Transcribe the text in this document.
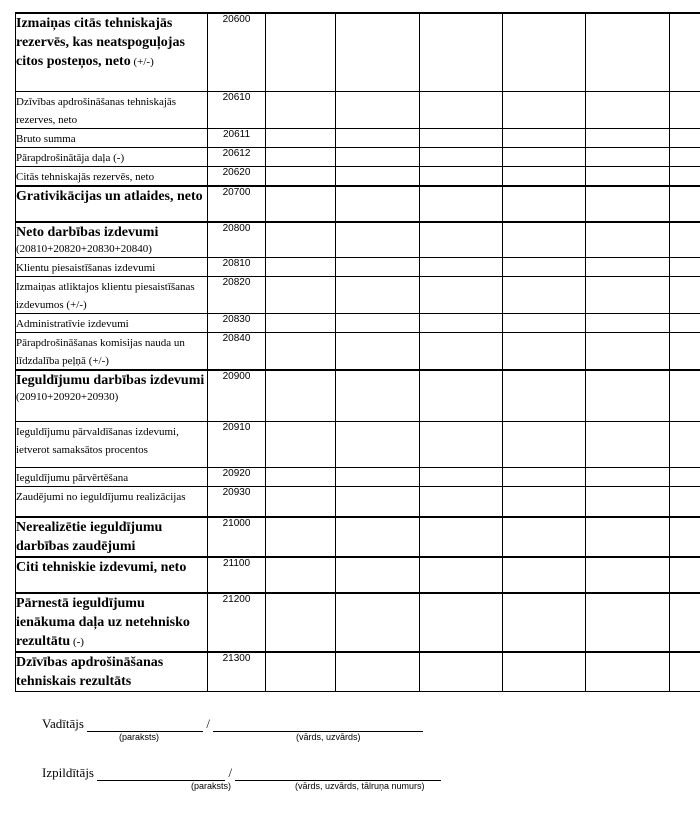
Izmaiņas citās tehniskajās rezervēs, kas neatspoguļojas citos posteņos, neto (+/-)	20600						
Dzīvības apdrošināšanas tehniskajās rezerves, neto	20610						
Bruto summa	20611						
Pārapdrošinātāja daļa (-)	20612						
Citās tehniskajās rezervēs, neto	20620						
Grativikācijas un atlaides, neto	20700						
Neto darbības izdevumi
(20810+20820+20830+20840)	20800						
Klientu piesaistīšanas izdevumi	20810						
Izmaiņas atliktajos klientu piesaistīšanas izdevumos (+/-)	20820						
Administratīvie izdevumi	20830						
Pārapdrošināšanas komisijas nauda un līdzdalība peļņā (+/-)	20840						
Ieguldījumu darbības izdevumi
(20910+20920+20930)	20900						
Ieguldījumu pārvaldīšanas izdevumi, ietverot samaksātos procentos	20910						
Ieguldījumu pārvērtēšana	20920						
Zaudējumi no ieguldījumu realizācijas	20930						
Nerealizētie ieguldījumu darbības zaudējumi	21000						
Citi tehniskie izdevumi, neto	21100						
Pārnestā ieguldījumu ienākuma daļa uz netehnisko rezultātu (-)	21200						
Dzīvības apdrošināšanas tehniskais rezultāts	21300						
Vadītājs	/
(paraksts)	(vārds, uzvārds)
Izpildītājs	/
(paraksts)	(vārds, uzvārds, tālruņa numurs)
